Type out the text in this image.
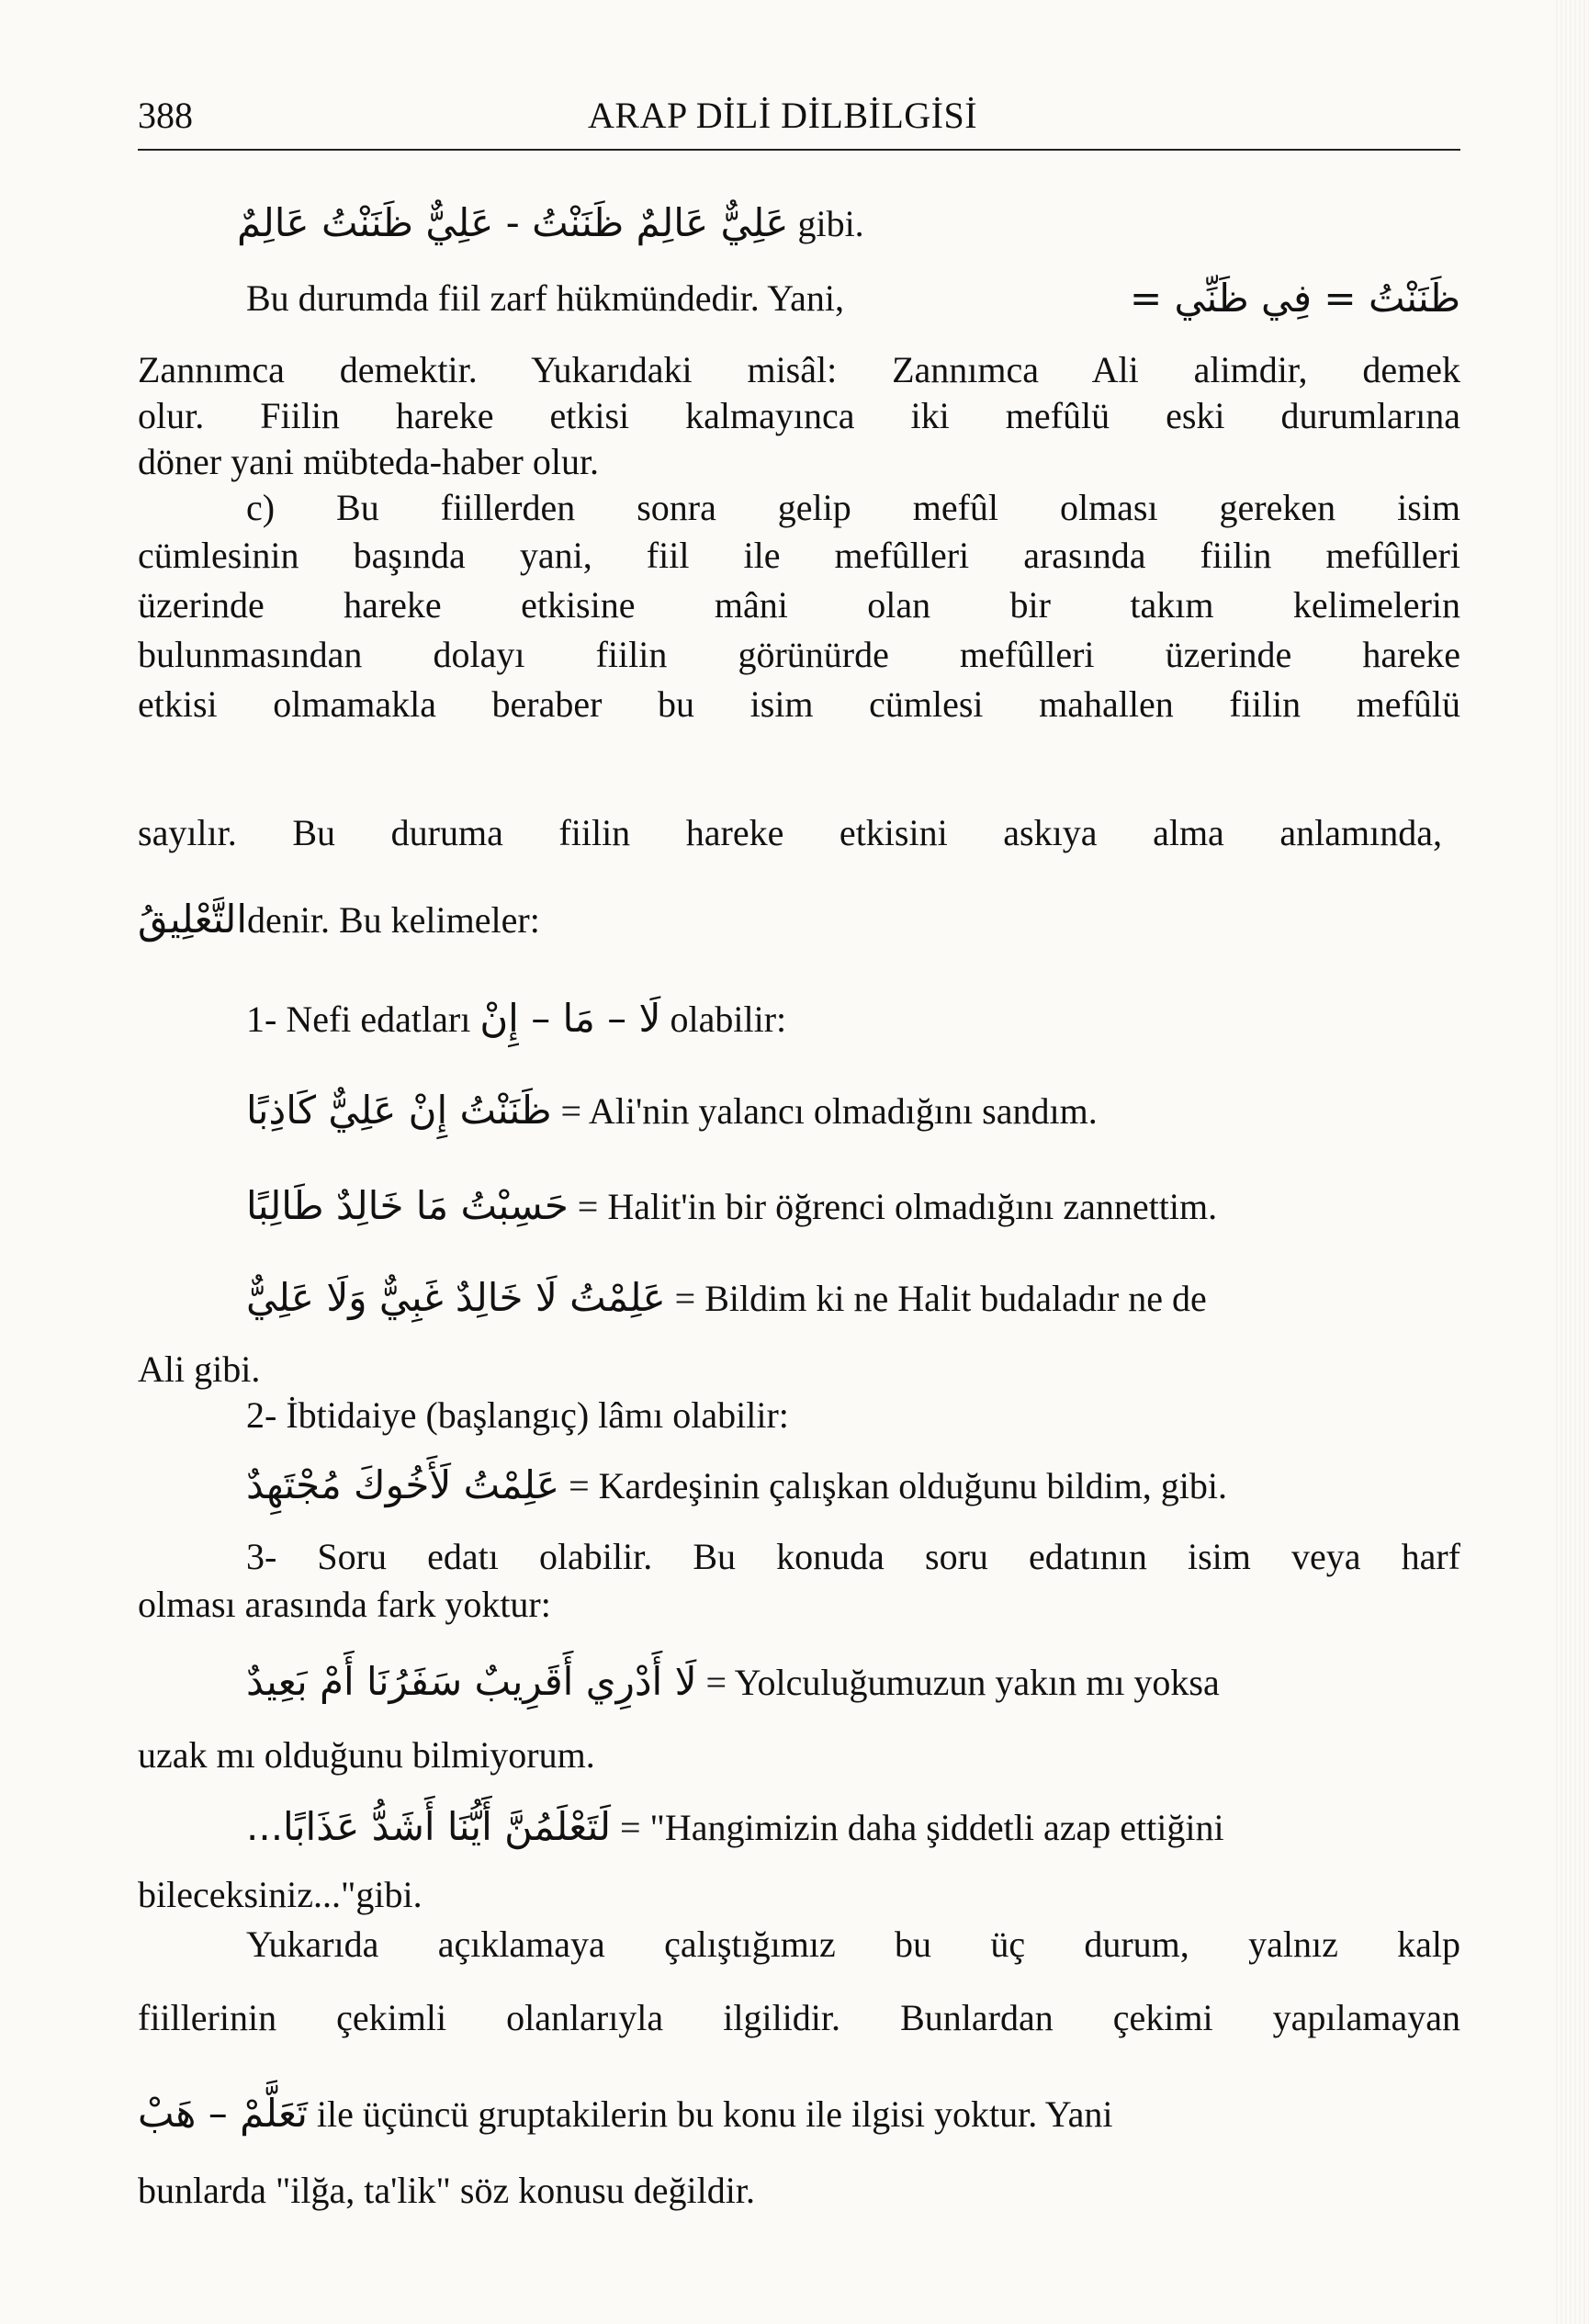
388	ARAP DİLİ DİLBİLGİSİ
عَلِيٌّ عَالِمٌ ظَنَنْتُ - عَلِيٌّ ظَنَنْتُ عَالِمٌ gibi.
Bu durumda fiil zarf hükmündedir. Yani,	ظَنَنْتُ = فِي ظَنِّي =
Zannımca demektir. Yukarıdaki misâl: Zannımca Ali alimdir, demek
olur. Fiilin hareke etkisi kalmayınca iki mefûlü eski durumlarına
döner yani mübteda-haber olur.
c) Bu fiillerden sonra gelip mefûl olması gereken isim
cümlesinin başında yani, fiil ile mefûlleri arasında fiilin mefûlleri
üzerinde hareke etkisine mâni olan bir takım kelimelerin
bulunmasından dolayı fiilin görünürde mefûlleri üzerinde hareke
etkisi olmamakla beraber bu isim cümlesi mahallen fiilin mefûlü
sayılır. Bu duruma fiilin hareke etkisini askıya alma anlamında,
التَّعْلِيقُdenir. Bu kelimeler:
1- Nefi edatları لَا – مَا – إِنْ olabilir:
ظَنَنْتُ إِنْ عَلِيٌّ كَاذِبًا = Ali'nin yalancı olmadığını sandım.
حَسِبْتُ مَا خَالِدٌ طَالِبًا = Halit'in bir öğrenci olmadığını zannettim.
عَلِمْتُ لَا خَالِدٌ غَبِيٌّ وَلَا عَلِيٌّ = Bildim ki ne Halit budaladır ne de
Ali gibi.
2- İbtidaiye (başlangıç) lâmı olabilir:
عَلِمْتُ لَأَخُوكَ مُجْتَهِدٌ = Kardeşinin çalışkan olduğunu bildim, gibi.
3- Soru edatı olabilir. Bu konuda soru edatının isim veya harf
olması arasında fark yoktur:
لَا أَدْرِي أَقَرِيبٌ سَفَرُنَا أَمْ بَعِيدٌ = Yolculuğumuzun yakın mı yoksa
uzak mı olduğunu bilmiyorum.
لَتَعْلَمُنَّ أَيُّنَا أَشَدُّ عَذَابًا... = "Hangimizin daha şiddetli azap ettiğini
bileceksiniz..."gibi.
Yukarıda açıklamaya çalıştığımız bu üç durum, yalnız kalp
fiillerinin çekimli olanlarıyla ilgilidir. Bunlardan çekimi yapılamayan
تَعَلَّمْ – هَبْ ile üçüncü gruptakilerin bu konu ile ilgisi yoktur. Yani
bunlarda "ilğa, ta'lik" söz konusu değildir.
